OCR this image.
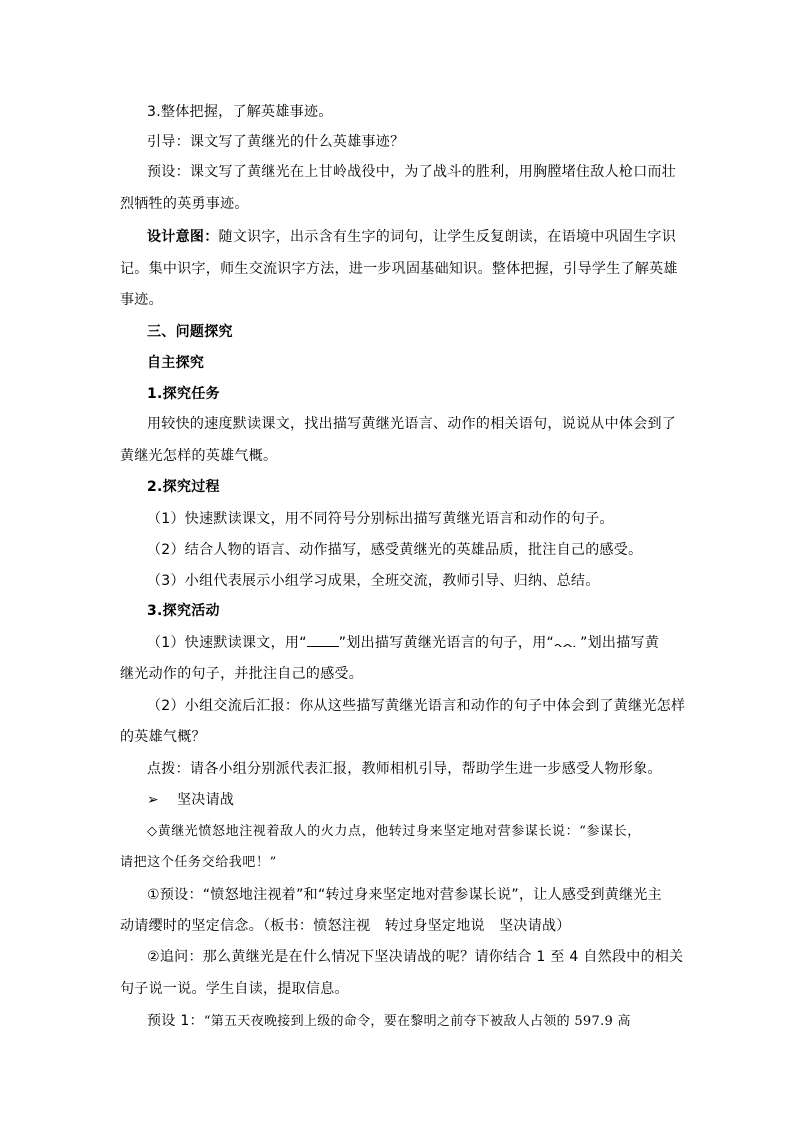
3.整体把握，了解英雄事迹。
引导：课文写了黄继光的什么英雄事迹？
预设：课文写了黄继光在上甘岭战役中，为了战斗的胜利，用胸膛堵住敌人枪口而壮
烈牺牲的英勇事迹。
设计意图：随文识字，出示含有生字的词句，让学生反复朗读，在语境中巩固生字识
记。集中识字，师生交流识字方法，进一步巩固基础知识。整体把握，引导学生了解英雄
事迹。
三、问题探究
自主探究
1.探究任务
用较快的速度默读课文，找出描写黄继光语言、动作的相关语句，说说从中体会到了
黄继光怎样的英雄气概。
2.探究过程
（1）快速默读课文，用不同符号分别标出描写黄继光语言和动作的句子。
（2）结合人物的语言、动作描写，感受黄继光的英雄品质，批注自己的感受。
（3）小组代表展示小组学习成果，全班交流，教师引导、归纳、总结。
3.探究活动
（1）快速默读课文，用“ ”划出描写黄继光语言的句子，用“ ”划出描写黄
继光动作的句子，并批注自己的感受。
（2）小组交流后汇报：你从这些描写黄继光语言和动作的句子中体会到了黄继光怎样
的英雄气概？
点拨：请各小组分别派代表汇报，教师相机引导，帮助学生进一步感受人物形象。
➢ 坚决请战
◇黄继光愤怒地注视着敌人的火力点，他转过身来坚定地对营参谋长说：“参谋长，
请把这个任务交给我吧！”
①预设：“愤怒地注视着”和“转过身来坚定地对营参谋长说”，让人感受到黄继光主
动请缨时的坚定信念。（板书：愤怒注视　转过身坚定地说　坚决请战）
②追问：那么黄继光是在什么情况下坚决请战的呢？请你结合 1 至 4 自然段中的相关
句子说一说。学生自读，提取信息。
预设 1：“第五天夜晚接到上级的命令，要在黎明之前夺下被敌人占领的 597.9 高
